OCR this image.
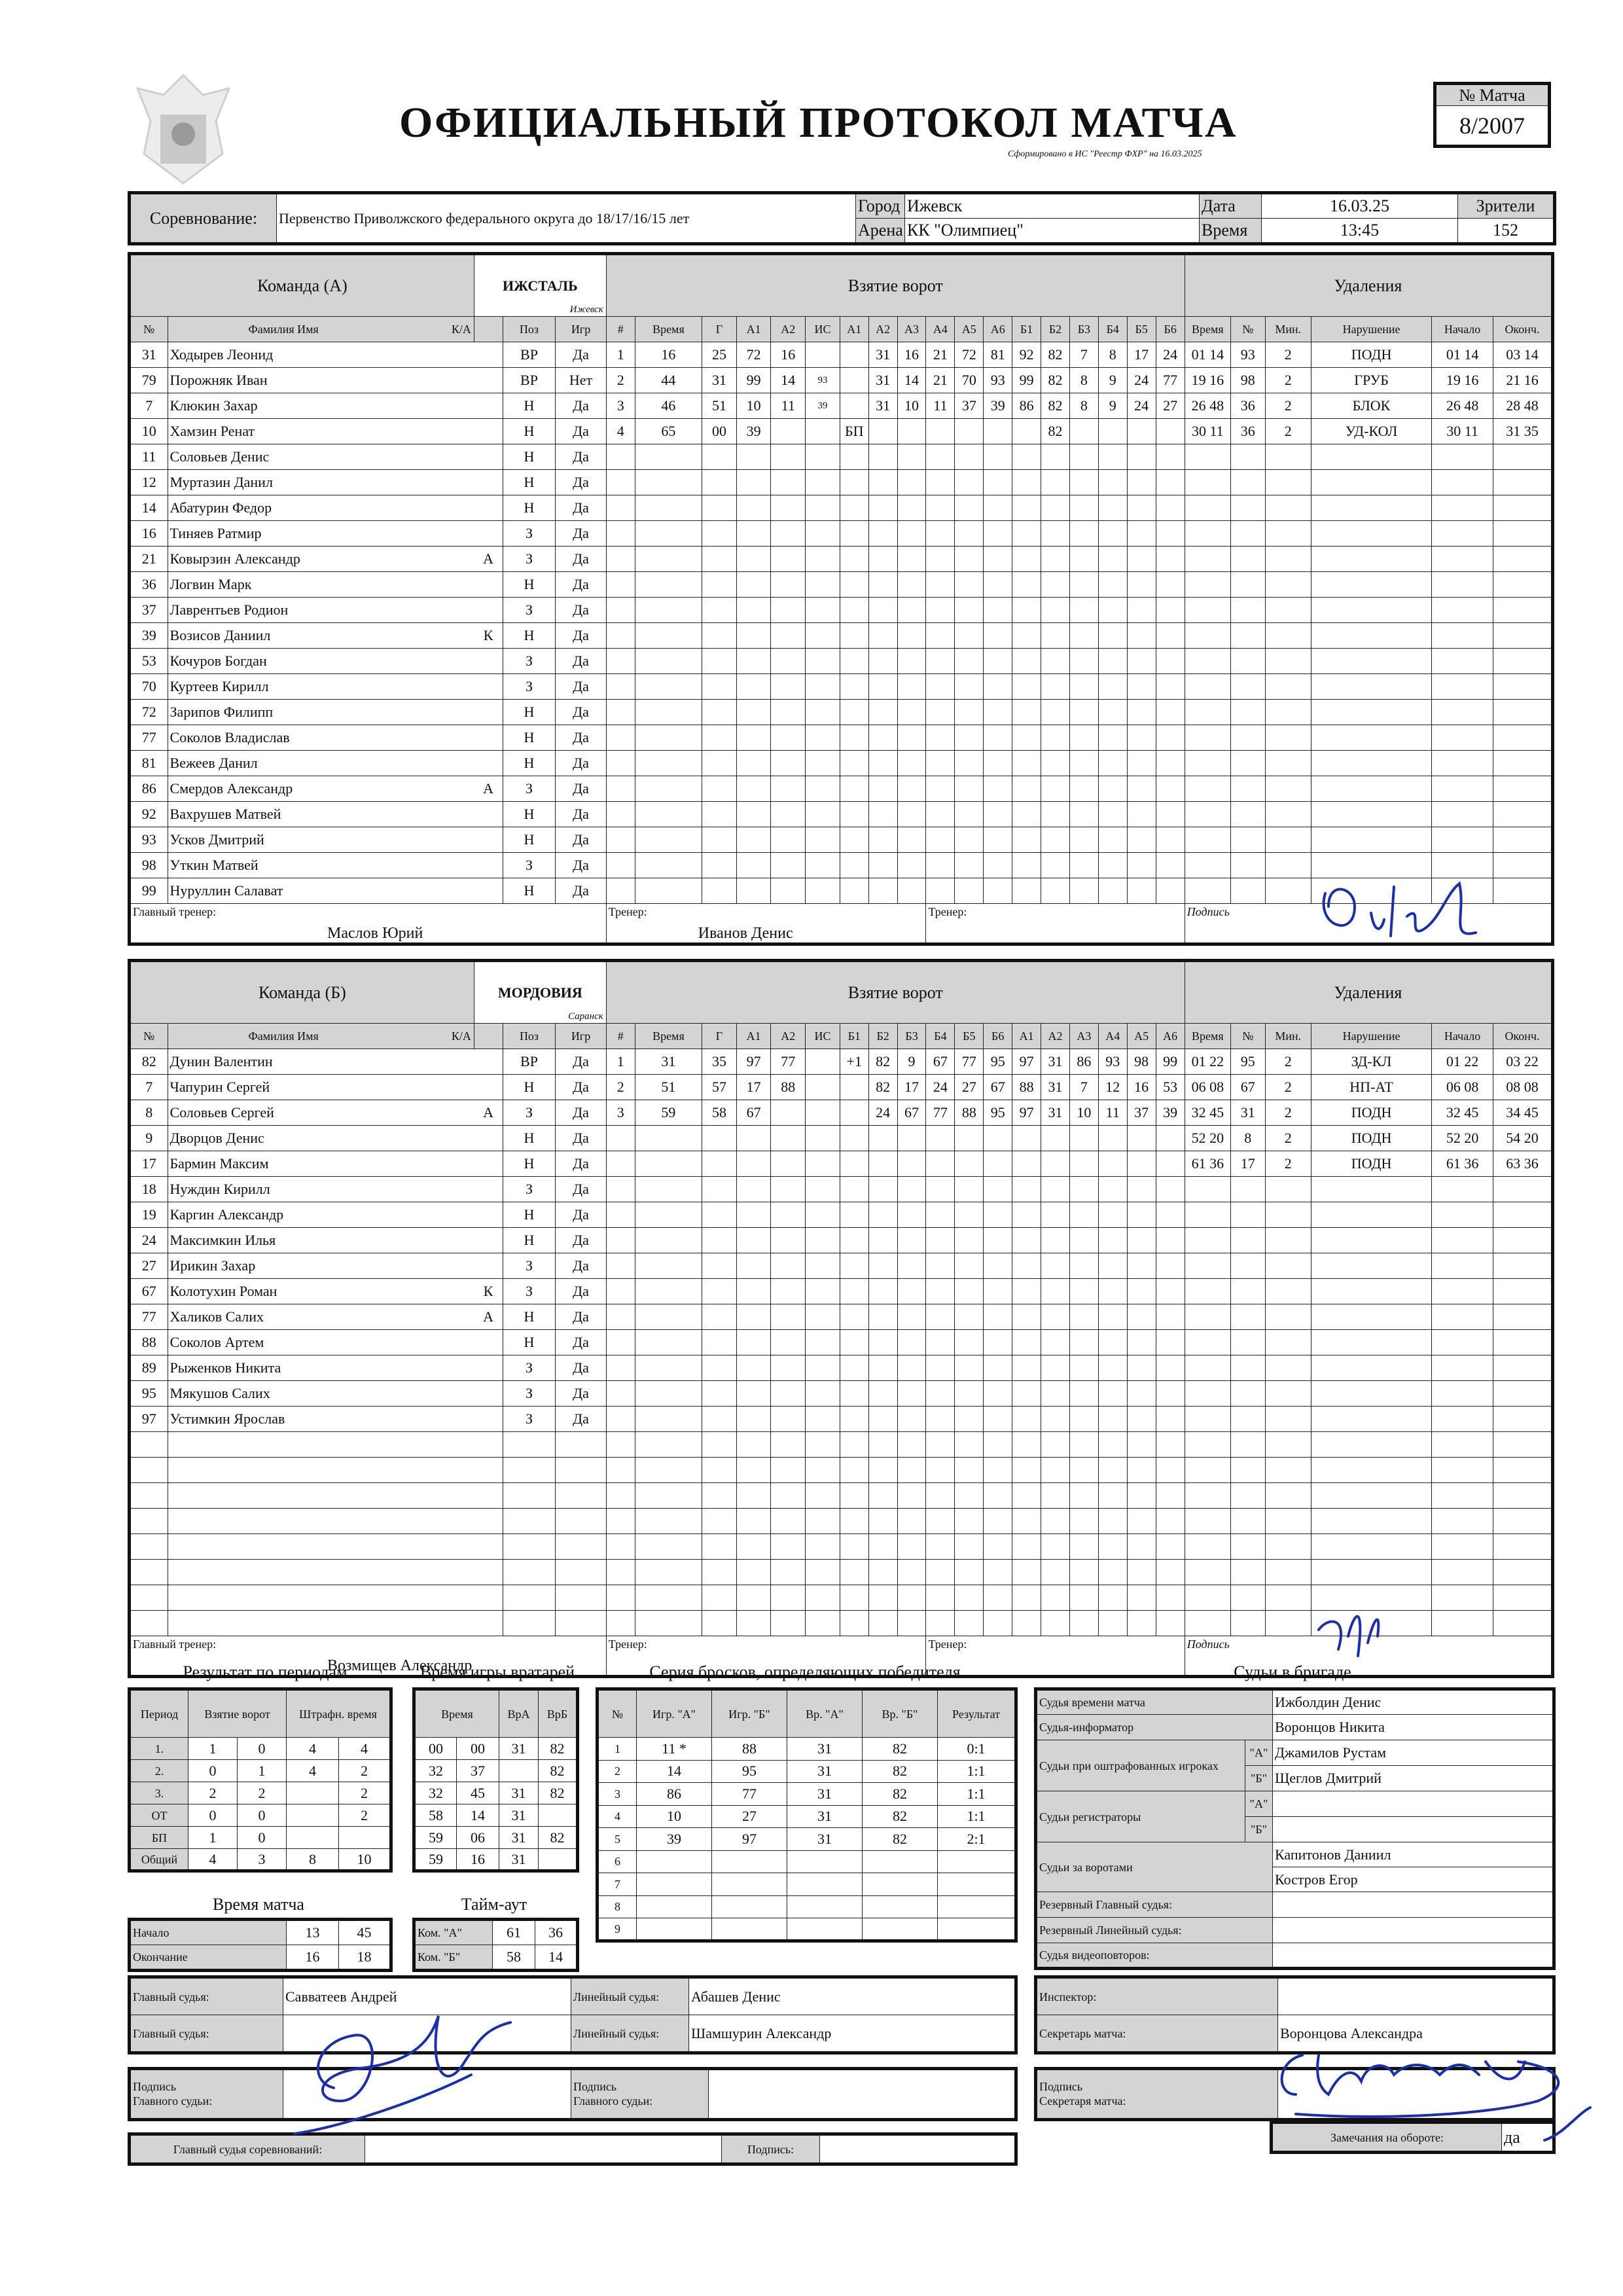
ОФИЦИАЛЬНЫЙ ПРОТОКОЛ МАТЧА
Сформировано в ИС "Реестр ФХР" на 16.03.2025
№ Матча
8/2007
Соревнование:	Первенство Приволжского федерального округа до 18/17/16/15 лет	Город	Ижевск	Дата	16.03.25	Зрители
		Арена	КК "Олимпиец"	Время	13:45	152
Команда (А)		ИЖСТАЛЬ
Ижевск			Взятие ворот																		Удаления					
№	Фамилия Имя К/А		Поз	Игр	#	Время	Г	А1	А2	ИС	А1	А2	А3	А4	А5	А6	Б1	Б2	Б3	Б4	Б5	Б6	Время	№	Мин.	Нарушение	Начало	Оконч.
31	Ходырев Леонид		ВР	Да	1	16	25	72	16			31	16	21	72	81	92	82	7	8	17	24	01 14	93	2	ПОДН	01 14	03 14
79	Порожняк Иван		ВР	Нет	2	44	31	99	14	93		31	14	21	70	93	99	82	8	9	24	77	19 16	98	2	ГРУБ	19 16	21 16
7	Клюкин Захар		Н	Да	3	46	51	10	11	39		31	10	11	37	39	86	82	8	9	24	27	26 48	36	2	БЛОК	26 48	28 48
10	Хамзин Ренат		Н	Да	4	65	00	39			БП							82					30 11	36	2	УД-КОЛ	30 11	31 35
11	Соловьев Денис		Н	Да																								
12	Муртазин Данил		Н	Да																								
14	Абатурин Федор		Н	Да																								
16	Тиняев Ратмир		З	Да																								
21	Ковырзин Александр	А	З	Да																								
36	Логвин Марк		Н	Да																								
37	Лаврентьев Родион		З	Да																								
39	Возисов Даниил	К	Н	Да																								
53	Кочуров Богдан		З	Да																								
70	Куртеев Кирилл		З	Да																								
72	Зарипов Филипп		Н	Да																								
77	Соколов Владислав		Н	Да																								
81	Вежеев Данил		Н	Да																								
86	Смердов Александр	А	З	Да																								
92	Вахрушев Матвей		Н	Да																								
93	Усков Дмитрий		Н	Да																								
98	Уткин Матвей		З	Да																								
99	Нуруллин Салават		Н	Да																								
Главный тренер:
Маслов Юрий					Тренер:
Иванов Денис									Тренер:									Подпись					
Команда (Б)		МОРДОВИЯ
Саранск			Взятие ворот																		Удаления					
№	Фамилия Имя К/А		Поз	Игр	#	Время	Г	А1	А2	ИС	Б1	Б2	Б3	Б4	Б5	Б6	А1	А2	А3	А4	А5	А6	Время	№	Мин.	Нарушение	Начало	Оконч.
82	Дунин Валентин		ВР	Да	1	31	35	97	77		+1	82	9	67	77	95	97	31	86	93	98	99	01 22	95	2	ЗД-КЛ	01 22	03 22
7	Чапурин Сергей		Н	Да	2	51	57	17	88			82	17	24	27	67	88	31	7	12	16	53	06 08	67	2	НП-АТ	06 08	08 08
8	Соловьев Сергей	А	З	Да	3	59	58	67				24	67	77	88	95	97	31	10	11	37	39	32 45	31	2	ПОДН	32 45	34 45
9	Дворцов Денис		Н	Да																			52 20	8	2	ПОДН	52 20	54 20
17	Бармин Максим		Н	Да																			61 36	17	2	ПОДН	61 36	63 36
18	Нуждин Кирилл		З	Да																								
19	Каргин Александр		Н	Да																								
24	Максимкин Илья		Н	Да																								
27	Ирикин Захар		З	Да																								
67	Колотухин Роман	К	З	Да																								
77	Халиков Салих	А	Н	Да																								
88	Соколов Артем		Н	Да																								
89	Рыженков Никита		З	Да																								
95	Мякушов Салих		З	Да																								
97	Устимкин Ярослав		З	Да																								

Главный тренер:
Возмищев Александр					Тренер:									Тренер:									Подпись					
Результат по периодам	Время игры вратарей	Серия бросков, определяющих победителя	Судьи в бригаде
Период	Взятие ворот		Штрафн. время	
1.	1	0	4	4
2.	0	1	4	2
3.	2	2		2
ОТ	0	0		2
БП	1	0		
Общий	4	3	8	10
Время		ВрА	ВрБ
00	00	31	82
32	37		82
32	45	31	82
58	14	31	
59	06	31	82
59	16	31	
Время матча
Начало	13	45
Окончание	16	18
Тайм-аут
Ком. "А"	61	36
Ком. "Б"	58	14
№	Игр. "А"	Игр. "Б"	Вр. "А"	Вр. "Б"	Результат
1	11 *	88	31	82	0:1
2	14	95	31	82	1:1
3	86	77	31	82	1:1
4	10	27	31	82	1:1
5	39	97	31	82	2:1
6					
7					
8					
9					
Судья времени матча		Ижболдин Денис
Судья-информатор		Воронцов Никита
Судьи при оштрафованных игроках	"А"	Джамилов Рустам
	"Б"	Щеглов Дмитрий
Судьи регистраторы	"А"	
	"Б"	
Судьи за воротами		Капитонов Даниил
		Костров Егор
Резервный Главный судья:		
Резервный Линейный судья:		
Судья видеоповторов:		
Главный судья:	Савватеев Андрей	Линейный судья:	Абашев Денис
Главный судья:		Линейный судья:	Шамшурин Александр
Инспектор:	
Секретарь матча:	Воронцова Александра
Подпись
Главного судьи:

Подпись
Главного судьи:

Подпись
Секретаря матча:

Главный судья соревнований:		Подпись:	
Замечания на обороте:	да
